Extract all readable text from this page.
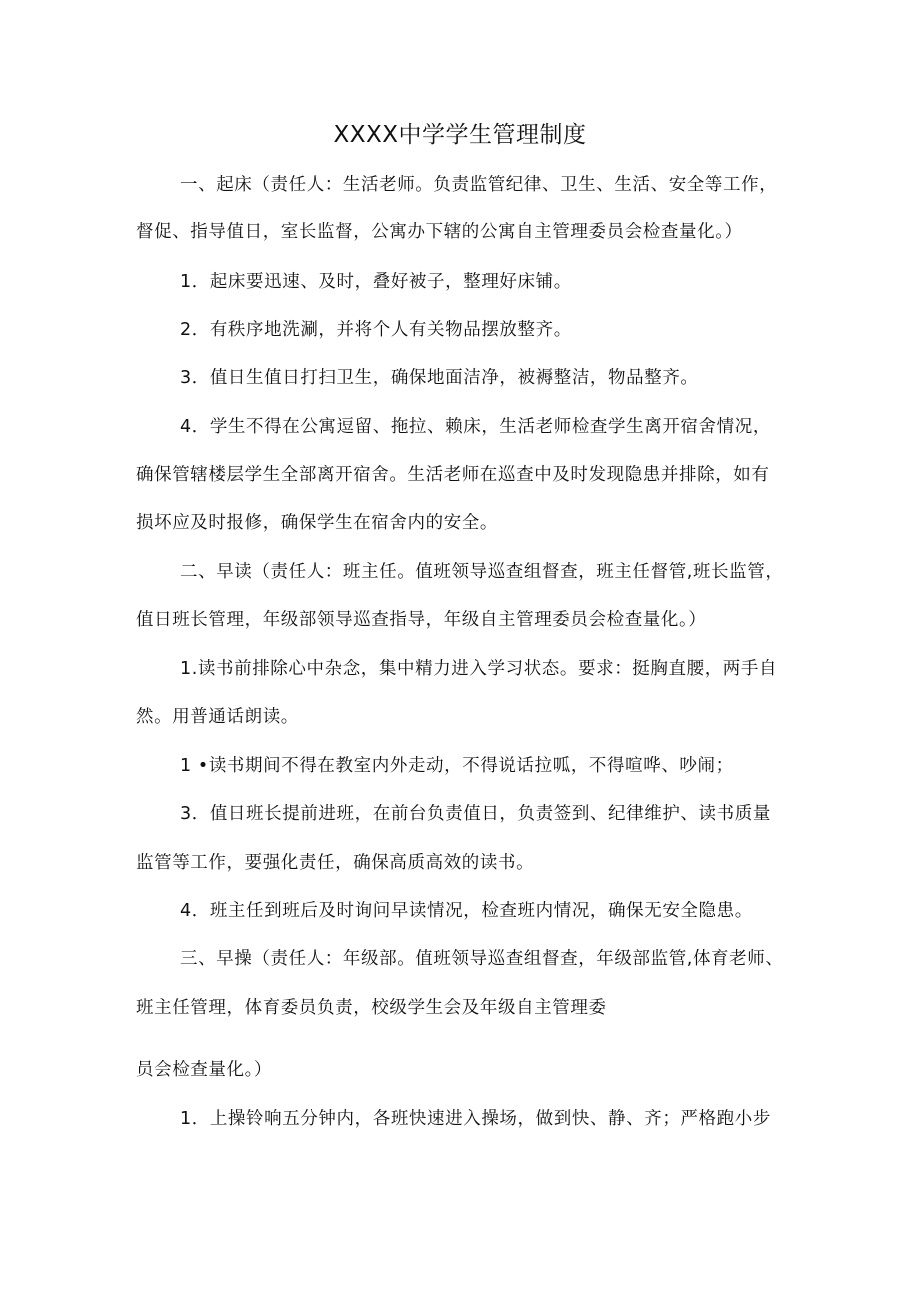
XXXX中学学生管理制度
一、起床（责任人：生活老师。负责监管纪律、卫生、生活、安全等工作，
督促、指导值日，室长监督，公寓办下辖的公寓自主管理委员会检查量化。）
1．起床要迅速、及时，叠好被子，整理好床铺。
2．有秩序地洗涮，并将个人有关物品摆放整齐。
3．值日生值日打扫卫生，确保地面洁净，被褥整洁，物品整齐。
4．学生不得在公寓逗留、拖拉、赖床，生活老师检查学生离开宿舍情况，
确保管辖楼层学生全部离开宿舍。生活老师在巡查中及时发现隐患并排除，如有
损坏应及时报修，确保学生在宿舍内的安全。
二、早读（责任人：班主任。值班领导巡查组督查，班主任督管,班长监管，
值日班长管理，年级部领导巡查指导，年级自主管理委员会检查量化。）
1.读书前排除心中杂念，集中精力进入学习状态。要求：挺胸直腰，两手自
然。用普通话朗读。
1 •读书期间不得在教室内外走动，不得说话拉呱，不得喧哗、吵闹；
3．值日班长提前进班，在前台负责值日，负责签到、纪律维护、读书质量
监管等工作，要强化责任，确保高质高效的读书。
4．班主任到班后及时询问早读情况，检查班内情况，确保无安全隐患。
三、早操（责任人：年级部。值班领导巡查组督查，年级部监管,体育老师、
班主任管理，体育委员负责，校级学生会及年级自主管理委
员会检查量化。）
1．上操铃响五分钟内，各班快速进入操场，做到快、静、齐；严格跑小步
